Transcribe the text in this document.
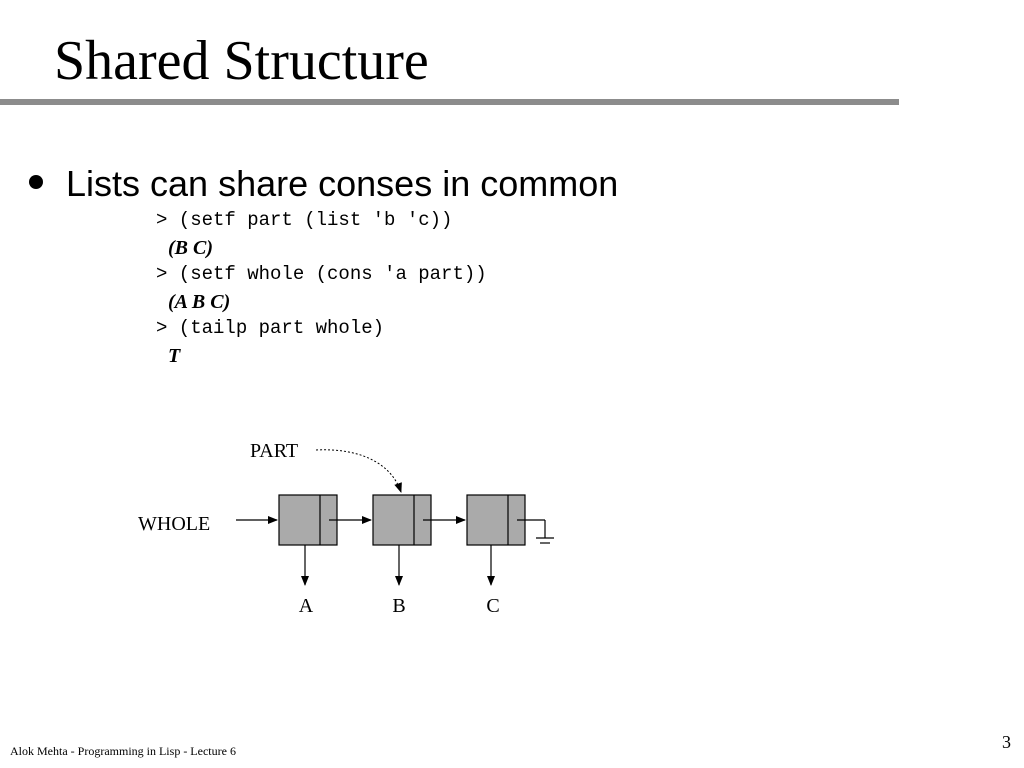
Shared Structure
Lists can share conses in common
> (setf part (list 'b 'c))
(B C)
> (setf whole (cons 'a part))
(A B C)
> (tailp part whole)
T
PART
WHOLE
A	B	C
Alok Mehta - Programming in Lisp - Lecture 6	3
